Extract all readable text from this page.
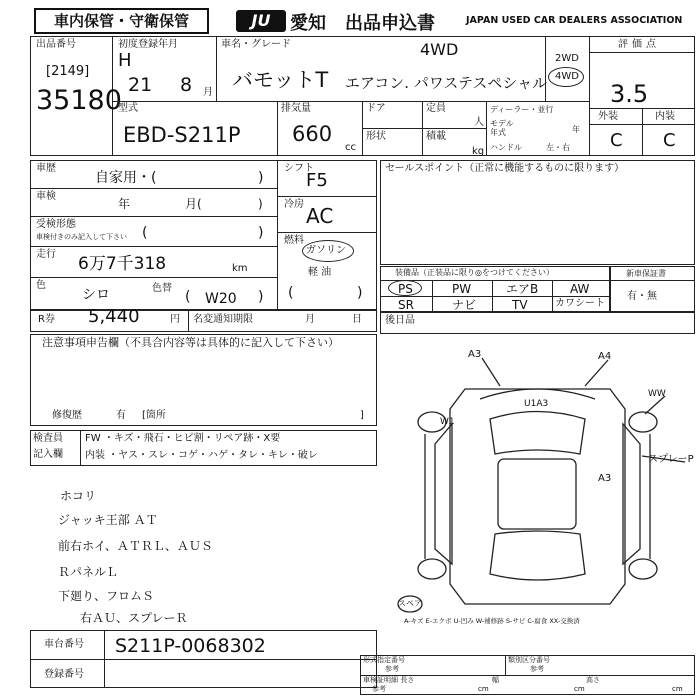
車内保管・守衛保管	JU	愛知 出品申込書	JAPAN USED CAR DEALERS ASSOCIATION
出品番号
[2149]
35180
初度登録年月
H
21 8 月
車名・グレード	4WD
バモットT エアコン. パワステスペシャル
2WD
4WD
評価点
3.5
外装	内装
C C
型式
EBD-S211P
排気量
660
cc
ドア	定員
人
形状	積載
kg
ディーラー・並行
モデル
年式	年
ハンドル	左・右
車歴
自家用・(	)
車検
年	月(	)
受検形態
車検付きのみ記入して下さい (	)
走行 6万7千318	km
色
シロ	色替
( W20 )
シフト
F5
冷房 AC
燃料
ガソリン
軽 油
(	)
セールスポイント（正常に機能するものに限ります）
装備品（正装品に限り◎をつけてください）
PS	PW	エアB	AW
SR	ナビ	TV	カワシート
新車保証書
有・無
R券 5,440	円 名変通知期限	月	日 後日品
注意事項申告欄（不具合内容等は具体的に記入して下さい）
修復歴	有 [箇所	]
検査員
記入欄
FW ・キズ・飛石・ヒビ割・リペア跡・X要
内装 ・ヤス・スレ・コゲ・ハゲ・タレ・キレ・破レ
ホコリ
ジャッキ王部 ＡＴ
前右ホイ、ＡＴＲＬ、ＡＵＳ
ＲパネルＬ
下廻り、フロムＳ
右ＡＵ、スプレーＲ
A3	A4
WW
U1A3
W1
スプレーP
A3
スペア
A-キズ E-エクボ U-凹み W-補修跡 S-サビ C-腐食 XX-交換済
車台番号 S211P-0068302
登録番号
形式指定番号
参考
類別区分番号
参考
車検証明細 長さ
参考	cm
幅
cm
高さ
cm
